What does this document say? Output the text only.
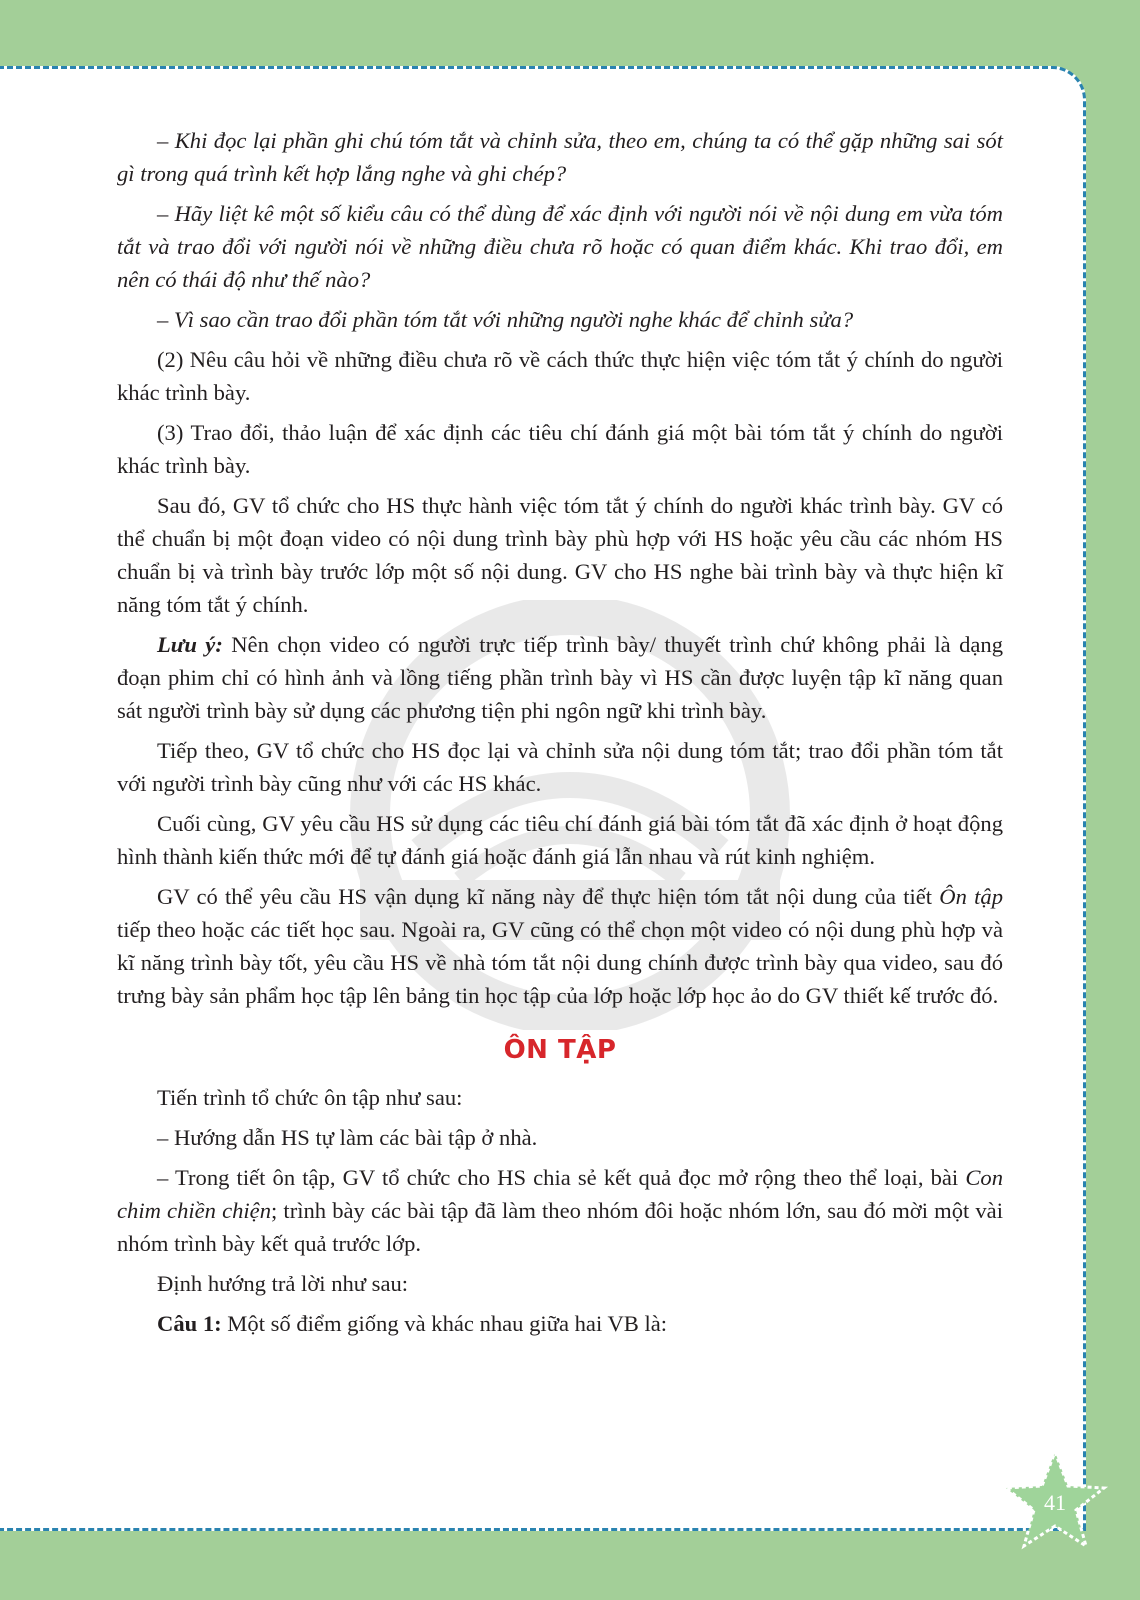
– Khi đọc lại phần ghi chú tóm tắt và chỉnh sửa, theo em, chúng ta có thể gặp những sai sót gì trong quá trình kết hợp lắng nghe và ghi chép?

– Hãy liệt kê một số kiểu câu có thể dùng để xác định với người nói về nội dung em vừa tóm tắt và trao đổi với người nói về những điều chưa rõ hoặc có quan điểm khác. Khi trao đổi, em nên có thái độ như thế nào?

– Vì sao cần trao đổi phần tóm tắt với những người nghe khác để chỉnh sửa?

(2) Nêu câu hỏi về những điều chưa rõ về cách thức thực hiện việc tóm tắt ý chính do người khác trình bày.

(3) Trao đổi, thảo luận để xác định các tiêu chí đánh giá một bài tóm tắt ý chính do người khác trình bày.

Sau đó, GV tổ chức cho HS thực hành việc tóm tắt ý chính do người khác trình bày. GV có thể chuẩn bị một đoạn video có nội dung trình bày phù hợp với HS hoặc yêu cầu các nhóm HS chuẩn bị và trình bày trước lớp một số nội dung. GV cho HS nghe bài trình bày và thực hiện kĩ năng tóm tắt ý chính.

Lưu ý: Nên chọn video có người trực tiếp trình bày/ thuyết trình chứ không phải là dạng đoạn phim chỉ có hình ảnh và lồng tiếng phần trình bày vì HS cần được luyện tập kĩ năng quan sát người trình bày sử dụng các phương tiện phi ngôn ngữ khi trình bày.

Tiếp theo, GV tổ chức cho HS đọc lại và chỉnh sửa nội dung tóm tắt; trao đổi phần tóm tắt với người trình bày cũng như với các HS khác.

Cuối cùng, GV yêu cầu HS sử dụng các tiêu chí đánh giá bài tóm tắt đã xác định ở hoạt động hình thành kiến thức mới để tự đánh giá hoặc đánh giá lẫn nhau và rút kinh nghiệm.

GV có thể yêu cầu HS vận dụng kĩ năng này để thực hiện tóm tắt nội dung của tiết Ôn tập tiếp theo hoặc các tiết học sau. Ngoài ra, GV cũng có thể chọn một video có nội dung phù hợp và kĩ năng trình bày tốt, yêu cầu HS về nhà tóm tắt nội dung chính được trình bày qua video, sau đó trưng bày sản phẩm học tập lên bảng tin học tập của lớp hoặc lớp học ảo do GV thiết kế trước đó.

ÔN TẬP

Tiến trình tổ chức ôn tập như sau:

– Hướng dẫn HS tự làm các bài tập ở nhà.

– Trong tiết ôn tập, GV tổ chức cho HS chia sẻ kết quả đọc mở rộng theo thể loại, bài Con chim chiền chiện; trình bày các bài tập đã làm theo nhóm đôi hoặc nhóm lớn, sau đó mời một vài nhóm trình bày kết quả trước lớp.

Định hướng trả lời như sau:

Câu 1: Một số điểm giống và khác nhau giữa hai VB là:

41
